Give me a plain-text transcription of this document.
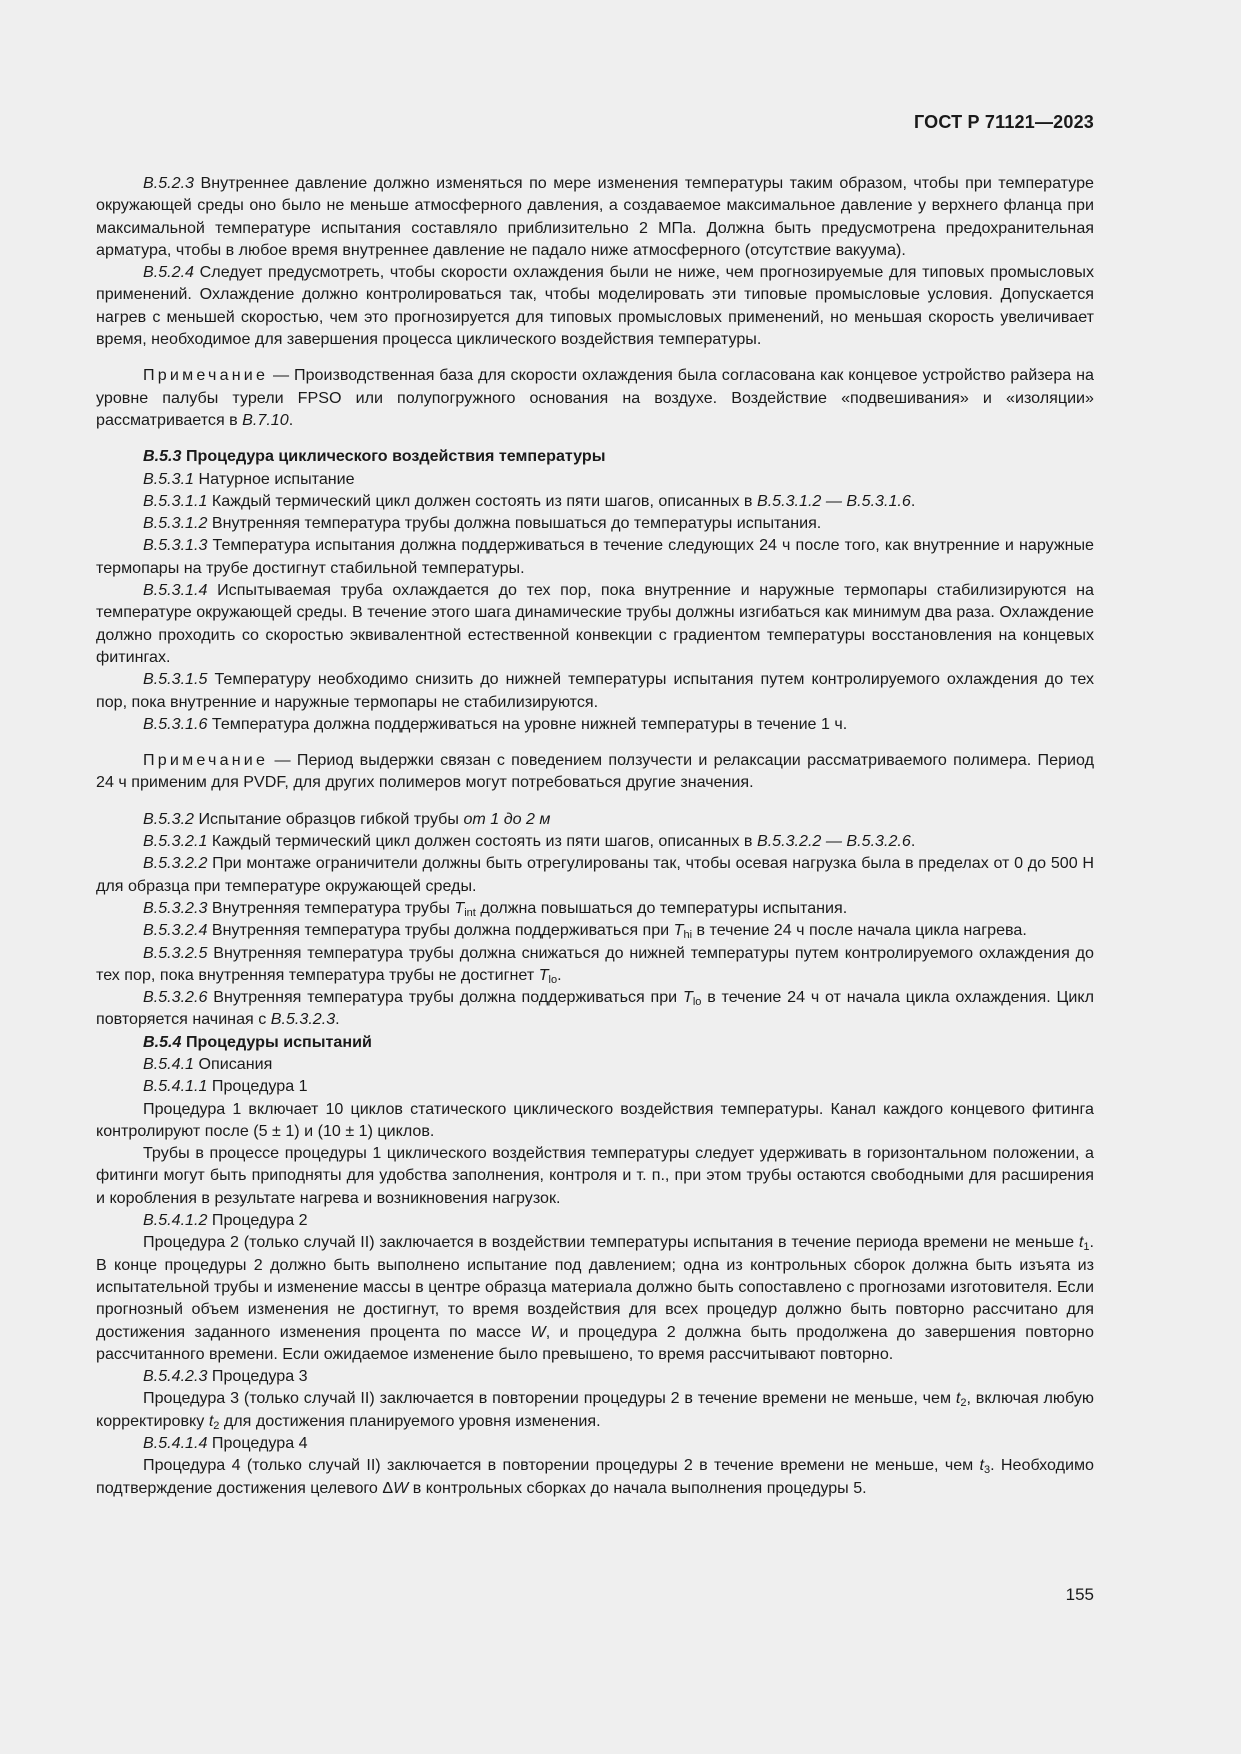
ГОСТ Р 71121—2023

В.5.2.3 Внутреннее давление должно изменяться по мере изменения температуры таким образом, чтобы при температуре окружающей среды оно было не меньше атмосферного давления, а создаваемое максимальное давление у верхнего фланца при максимальной температуре испытания составляло приблизительно 2 МПа. Должна быть предусмотрена предохранительная арматура, чтобы в любое время внутреннее давление не падало ниже атмосферного (отсутствие вакуума).

В.5.2.4 Следует предусмотреть, чтобы скорости охлаждения были не ниже, чем прогнозируемые для типовых промысловых применений. Охлаждение должно контролироваться так, чтобы моделировать эти типовые промысловые условия. Допускается нагрев с меньшей скоростью, чем это прогнозируется для типовых промысловых применений, но меньшая скорость увеличивает время, необходимое для завершения процесса циклического воздействия температуры.

Примечание — Производственная база для скорости охлаждения была согласована как концевое устройство райзера на уровне палубы турели FPSO или полупогружного основания на воздухе. Воздействие «подвешивания» и «изоляции» рассматривается в В.7.10.

В.5.3 Процедура циклического воздействия температуры

В.5.3.1 Натурное испытание

В.5.3.1.1 Каждый термический цикл должен состоять из пяти шагов, описанных в В.5.3.1.2 — В.5.3.1.6.

В.5.3.1.2 Внутренняя температура трубы должна повышаться до температуры испытания.

В.5.3.1.3 Температура испытания должна поддерживаться в течение следующих 24 ч после того, как внутренние и наружные термопары на трубе достигнут стабильной температуры.

В.5.3.1.4 Испытываемая труба охлаждается до тех пор, пока внутренние и наружные термопары стабилизируются на температуре окружающей среды. В течение этого шага динамические трубы должны изгибаться как минимум два раза. Охлаждение должно проходить со скоростью эквивалентной естественной конвекции с градиентом температуры восстановления на концевых фитингах.

В.5.3.1.5 Температуру необходимо снизить до нижней температуры испытания путем контролируемого охлаждения до тех пор, пока внутренние и наружные термопары не стабилизируются.

В.5.3.1.6 Температура должна поддерживаться на уровне нижней температуры в течение 1 ч.

Примечание — Период выдержки связан с поведением ползучести и релаксации рассматриваемого полимера. Период 24 ч применим для PVDF, для других полимеров могут потребоваться другие значения.

В.5.3.2 Испытание образцов гибкой трубы от 1 до 2 м

В.5.3.2.1 Каждый термический цикл должен состоять из пяти шагов, описанных в В.5.3.2.2 — В.5.3.2.6.

В.5.3.2.2 При монтаже ограничители должны быть отрегулированы так, чтобы осевая нагрузка была в пределах от 0 до 500 Н для образца при температуре окружающей среды.

В.5.3.2.3 Внутренняя температура трубы $T_{int}$ должна повышаться до температуры испытания.

В.5.3.2.4 Внутренняя температура трубы должна поддерживаться при $T_{hi}$ в течение 24 ч после начала цикла нагрева.

В.5.3.2.5 Внутренняя температура трубы должна снижаться до нижней температуры путем контролируемого охлаждения до тех пор, пока внутренняя температура трубы не достигнет $T_{lo}$.

В.5.3.2.6 Внутренняя температура трубы должна поддерживаться при $T_{lo}$ в течение 24 ч от начала цикла охлаждения. Цикл повторяется начиная с В.5.3.2.3.

В.5.4 Процедуры испытаний

В.5.4.1 Описания

В.5.4.1.1 Процедура 1

Процедура 1 включает 10 циклов статического циклического воздействия температуры. Канал каждого концевого фитинга контролируют после (5 ± 1) и (10 ± 1) циклов.

Трубы в процессе процедуры 1 циклического воздействия температуры следует удерживать в горизонтальном положении, а фитинги могут быть приподняты для удобства заполнения, контроля и т. п., при этом трубы остаются свободными для расширения и коробления в результате нагрева и возникновения нагрузок.

В.5.4.1.2 Процедура 2

Процедура 2 (только случай II) заключается в воздействии температуры испытания в течение периода времени не меньше $t_1$. В конце процедуры 2 должно быть выполнено испытание под давлением; одна из контрольных сборок должна быть изъята из испытательной трубы и изменение массы в центре образца материала должно быть сопоставлено с прогнозами изготовителя. Если прогнозный объем изменения не достигнут, то время воздействия для всех процедур должно быть повторно рассчитано для достижения заданного изменения процента по массе W, и процедура 2 должна быть продолжена до завершения повторно рассчитанного времени. Если ожидаемое изменение было превышено, то время рассчитывают повторно.

В.5.4.2.3 Процедура 3

Процедура 3 (только случай II) заключается в повторении процедуры 2 в течение времени не меньше, чем $t_2$, включая любую корректировку $t_2$ для достижения планируемого уровня изменения.

В.5.4.1.4 Процедура 4

Процедура 4 (только случай II) заключается в повторении процедуры 2 в течение времени не меньше, чем $t_3$. Необходимо подтверждение достижения целевого ΔW в контрольных сборках до начала выполнения процедуры 5.

155
